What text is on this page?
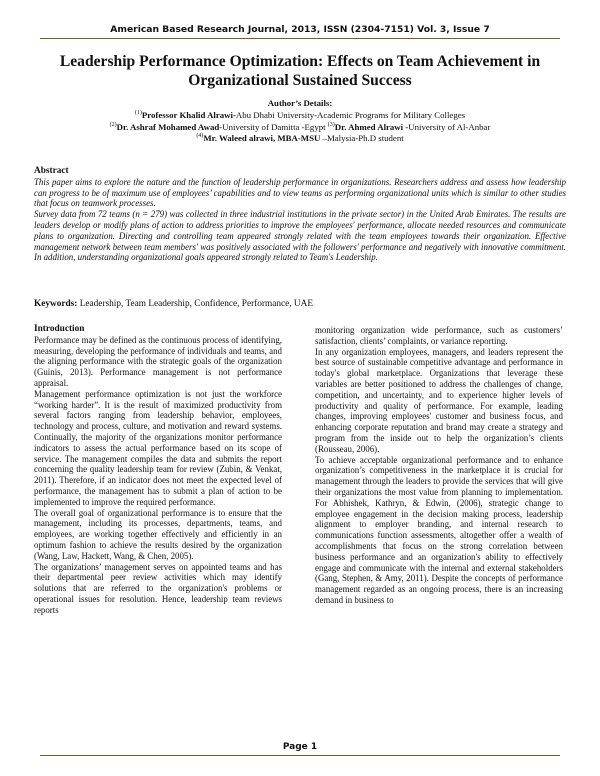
American Based Research Journal, 2013, ISSN (2304-7151) Vol. 3, Issue 7
Leadership Performance Optimization: Effects on Team Achievement in Organizational Sustained Success
Author’s Details:
$^{(1)}$Professor Khalid Alrawi-Abu Dhabi University-Academic Programs for Military Colleges
$^{(2)}$Dr. Ashraf Mohamed Awad-University of Damitta -Egypt $^{(3)}$Dr. Ahmed Alrawi -University of Al-Anbar
$^{(4)}$Mr. Waleed alrawi, MBA-MSU –Malysia-Ph.D student
Abstract

This paper aims to explore the nature and the function of leadership performance in organizations. Researchers address and assess how leadership can progress to be of maximum use of employees’ capabilities and to view teams as performing organizational units which is similar to other studies that focus on teamwork processes.

Survey data from 72 teams (n = 279) was collected in three industrial institutions in the private sector) in the United Arab Emirates. The results are leaders develop or modify plans of action to address priorities to improve the employees' performance, allocate needed resources and communicate plans to organization. Directing and controlling team appeared strongly related with the team employees towards their organization. Effective management network between team members' was positively associated with the followers' performance and negatively with innovative commitment. In addition, understanding organizational goals appeared strongly related to Team's Leadership.

Keywords: Leadership, Team Leadership, Confidence, Performance, UAE
Introduction

Performance may be defined as the continuous process of identifying, measuring, developing the performance of individuals and teams, and the aligning performance with the strategic goals of the organization (Guinis, 2013). Performance management is not performance appraisal.

Management performance optimization is not just the workforce “working harder”. It is the result of maximized productivity from several factors ranging from leadership behavior, employees, technology and process, culture, and motivation and reward systems. Continually, the majority of the organizations monitor performance indicators to assess the actual performance based on its scope of service. The management compiles the data and submits the report concerning the quality leadership team for review (Zubin, & Venkat, 2011). Therefore, if an indicator does not meet the expected level of performance, the management has to submit a plan of action to be implemented to improve the required performance.

The overall goal of organizational performance is to ensure that the management, including its processes, departments, teams, and employees, are working together effectively and efficiently in an optimum fashion to achieve the results desired by the organization (Wang, Law, Hackett, Wang, & Chen, 2005).

The organizations’ management serves on appointed teams and has their departmental peer review activities which may identify solutions that are referred to the organization's problems or operational issues for resolution. Hence, leadership team reviews reports

monitoring organization wide performance, such as customers’ satisfaction, clients’ complaints, or variance reporting.

In any organization employees, managers, and leaders represent the best source of sustainable competitive advantage and performance in today's global marketplace. Organizations that leverage these variables are better positioned to address the challenges of change, competition, and uncertainty, and to experience higher levels of productivity and quality of performance. For example, leading changes, improving employees' customer and business focus, and enhancing corporate reputation and brand may create a strategy and program from the inside out to help the organization’s clients (Rousseau, 2006).

To achieve acceptable organizational performance and to enhance organization’s competitiveness in the marketplace it is crucial for management through the leaders to provide the services that will give their organizations the most value from planning to implementation. For Abhishek, Kathryn, & Edwin, (2006), strategic change to employee engagement in the decision making process, leadership alignment to employer branding, and internal research to communications function assessments, altogether offer a wealth of accomplishments that focus on the strong correlation between business performance and an organization's ability to effectively engage and communicate with the internal and external stakeholders (Gang, Stephen, & Amy, 2011). Despite the concepts of performance management regarded as an ongoing process, there is an increasing demand in business to

Page 1
